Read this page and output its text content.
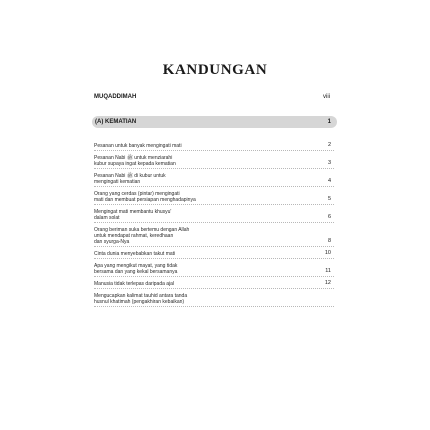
KANDUNGAN
MUQADDIMAH	viii
(A) KEMATIAN	1
Pesanan untuk banyak mengingati mati	2
Pesanan Nabi ﷺ untuk menziarahi
kubur supaya ingat kepada kematian	3
Pesanan Nabi ﷺ di kubur untuk
mengingati kematian	4
Orang yang cerdas (pintar) mengingati
mati dan membuat persiapan menghadapinya	5
Mengingat mati membantu khusyu'
dalam solat	6
Orang beriman suka bertemu dengan Allah
untuk mendapat rahmat, keredhaan
dan syurga-Nya	8
Cinta dunia menyebabkan takut mati	10
Apa yang mengikut mayat, yang tidak
bersama dan yang kekal bersamanya	11
Manusia tidak terlepas daripada ajal	12
Mengucapkan kalimat tauhid antara tanda
husnul khatimah (pengakhiran kebaikan)
